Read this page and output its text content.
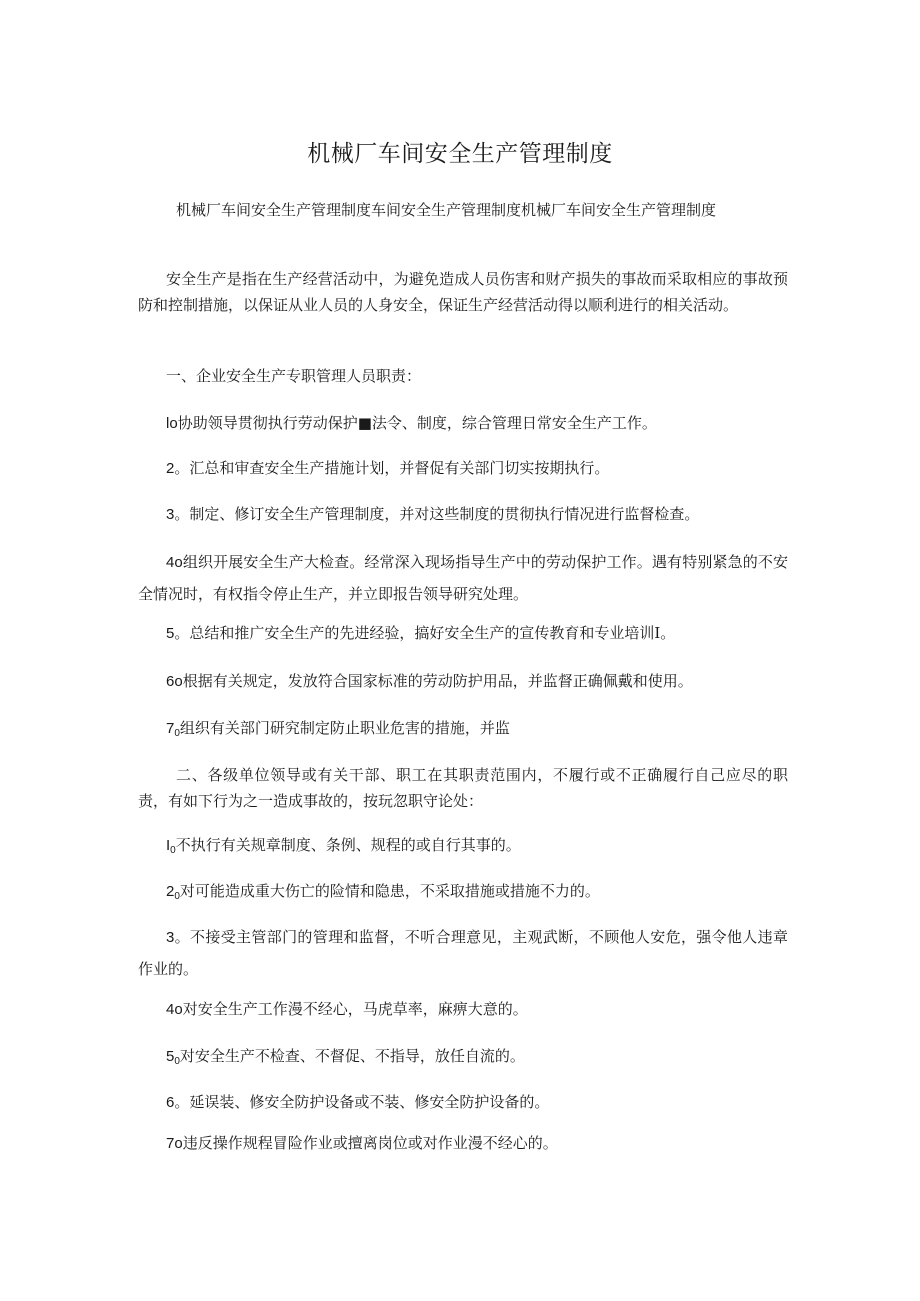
机械厂车间安全生产管理制度

机械厂车间安全生产管理制度车间安全生产管理制度机械厂车间安全生产管理制度

安全生产是指在生产经营活动中，为避免造成人员伤害和财产损失的事故而采取相应的事故预防和控制措施，以保证从业人员的人身安全，保证生产经营活动得以顺利进行的相关活动。

一、企业安全生产专职管理人员职责：

lo协助领导贯彻执行劳动保护■法令、制度，综合管理日常安全生产工作。

2。汇总和审查安全生产措施计划，并督促有关部门切实按期执行。

3。制定、修订安全生产管理制度，并对这些制度的贯彻执行情况进行监督检查。

4o组织开展安全生产大检查。经常深入现场指导生产中的劳动保护工作。遇有特别紧急的不安全情况时，有权指令停止生产，并立即报告领导研究处理。

5。总结和推广安全生产的先进经验，搞好安全生产的宣传教育和专业培训I。

6o根据有关规定，发放符合国家标准的劳动防护用品，并监督正确佩戴和使用。

$7_0$组织有关部门研究制定防止职业危害的措施，并监

二、各级单位领导或有关干部、职工在其职责范围内，不履行或不正确履行自己应尽的职责，有如下行为之一造成事故的，按玩忽职守论处：

$I_0$不执行有关规章制度、条例、规程的或自行其事的。

$2_0$对可能造成重大伤亡的险情和隐患，不采取措施或措施不力的。

3。不接受主管部门的管理和监督，不听合理意见，主观武断，不顾他人安危，强令他人违章作业的。

4o对安全生产工作漫不经心，马虎草率，麻痹大意的。

$5_0$对安全生产不检查、不督促、不指导，放任自流的。

6。延误装、修安全防护设备或不装、修安全防护设备的。

7o违反操作规程冒险作业或擅离岗位或对作业漫不经心的。
